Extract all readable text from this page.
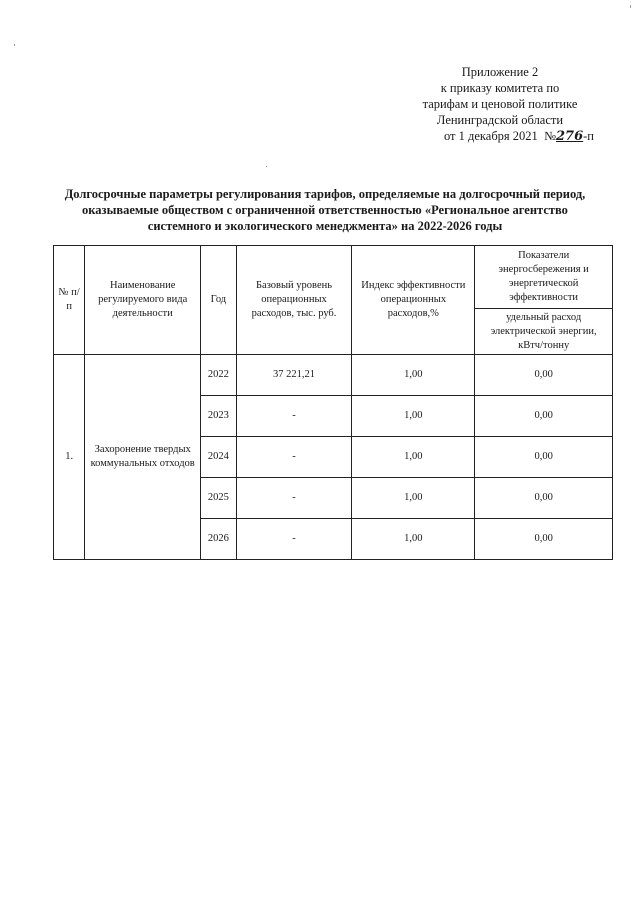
Приложение 2
к приказу комитета по
тарифам и ценовой политике
Ленинградской области
от 1 декабря 2021 №276-п
Долгосрочные параметры регулирования тарифов, определяемые на долгосрочный период,
оказываемые обществом с ограниченной ответственностью «Региональное агентство
системного и экологического менеджмента» на 2022-2026 годы
№ п/п	Наименование регулируемого вида деятельности	Год	Базовый уровень операционных расходов, тыс. руб.	Индекс эффективности операционных расходов,%	Показатели энергосбережения и энергетической эффективности
					удельный расход электрической энергии, кВтч/тонну
1.	Захоронение твердых коммунальных отходов	2022	37 221,21	1,00	0,00
		2023	-	1,00	0,00
		2024	-	1,00	0,00
		2025	-	1,00	0,00
		2026	-	1,00	0,00
